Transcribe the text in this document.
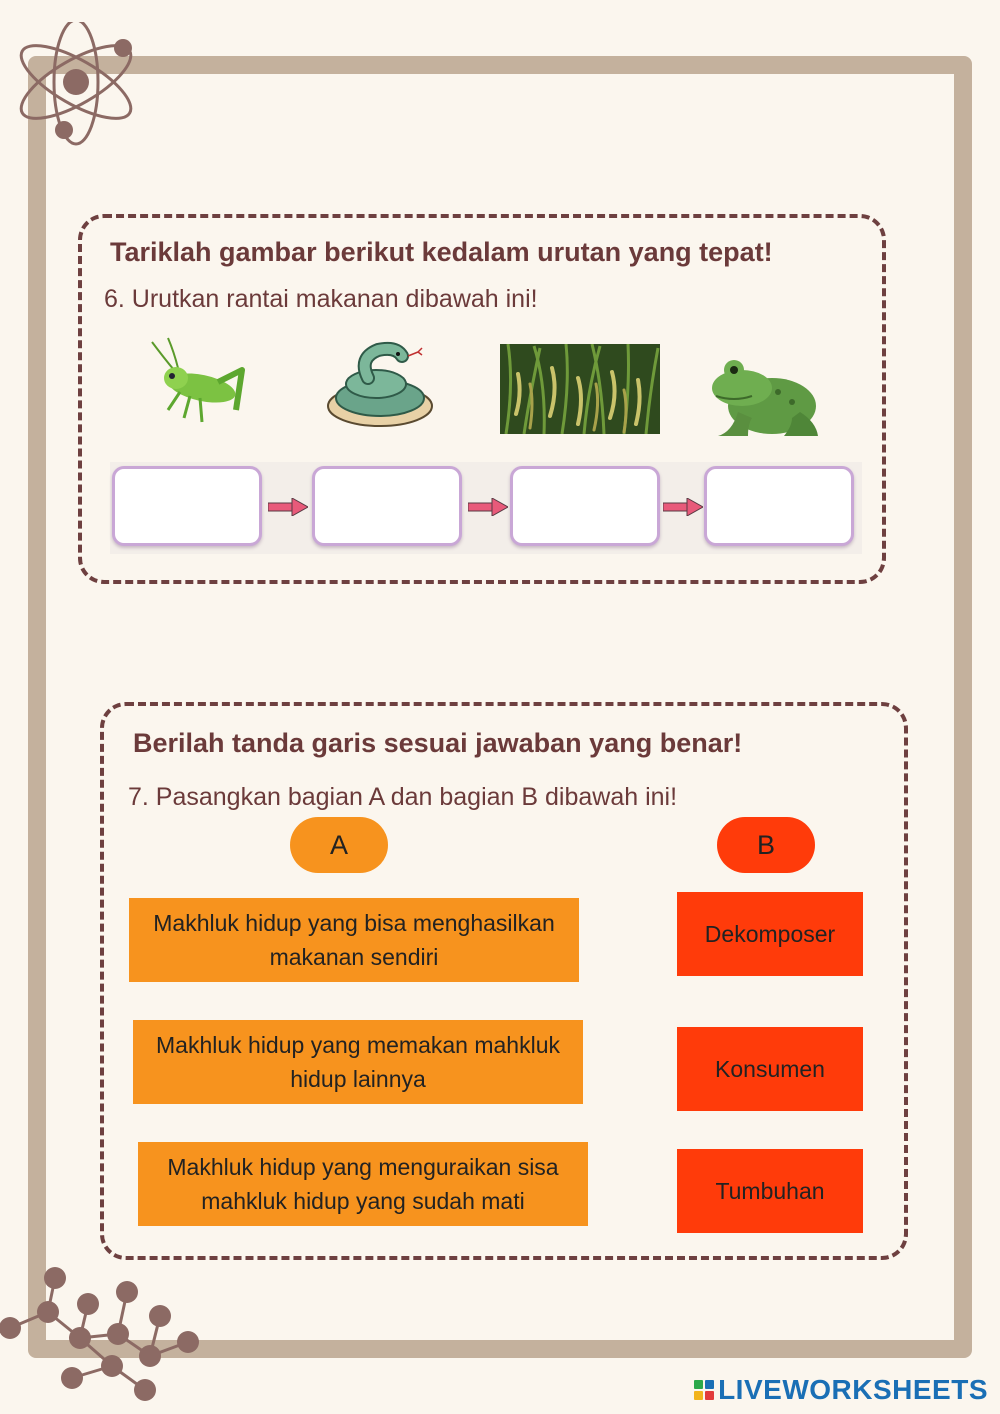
Tariklah gambar berikut kedalam urutan yang tepat!
6. Urutkan rantai makanan dibawah ini!
Berilah tanda garis sesuai jawaban yang benar!
7. Pasangkan bagian A dan bagian B dibawah ini!
A	B
Makhluk hidup yang bisa menghasilkan makanan sendiri
Makhluk hidup yang memakan mahkluk hidup lainnya
Makhluk hidup yang menguraikan sisa mahkluk hidup yang sudah mati
Dekomposer
Konsumen
Tumbuhan
LIVEWORKSHEETS
